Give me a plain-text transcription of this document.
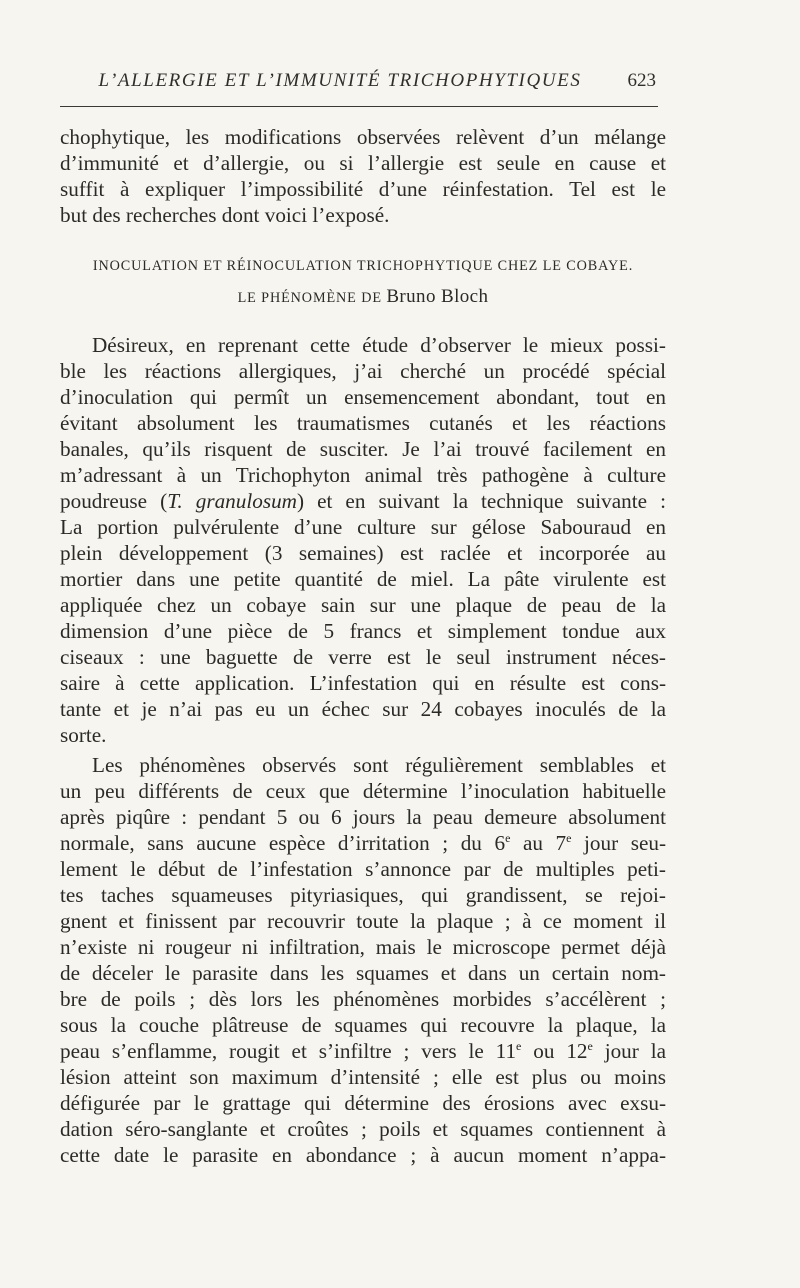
L’ALLERGIE ET L’IMMUNITÉ TRICHOPHYTIQUES	623
chophytique, les modifications observées relèvent d’un mélange
d’immunité et d’allergie, ou si l’allergie est seule en cause et
suffit à expliquer l’impossibilité d’une réinfestation. Tel est le
but des recherches dont voici l’exposé.
INOCULATION ET RÉINOCULATION TRICHOPHYTIQUE CHEZ LE COBAYE.
LE PHÉNOMÈNE DE Bruno Bloch
Désireux, en reprenant cette étude d’observer le mieux possi-
ble les réactions allergiques, j’ai cherché un procédé spécial
d’inoculation qui permît un ensemencement abondant, tout en
évitant absolument les traumatismes cutanés et les réactions
banales, qu’ils risquent de susciter. Je l’ai trouvé facilement en
m’adressant à un Trichophyton animal très pathogène à culture
poudreuse (T. granulosum) et en suivant la technique suivante :
La portion pulvérulente d’une culture sur gélose Sabouraud en
plein développement (3 semaines) est raclée et incorporée au
mortier dans une petite quantité de miel. La pâte virulente est
appliquée chez un cobaye sain sur une plaque de peau de la
dimension d’une pièce de 5 francs et simplement tondue aux
ciseaux : une baguette de verre est le seul instrument néces-
saire à cette application. L’infestation qui en résulte est cons-
tante et je n’ai pas eu un échec sur 24 cobayes inoculés de la
sorte.
Les phénomènes observés sont régulièrement semblables et
un peu différents de ceux que détermine l’inoculation habituelle
après piqûre : pendant 5 ou 6 jours la peau demeure absolument
normale, sans aucune espèce d’irritation ; du 6e au 7e jour seu-
lement le début de l’infestation s’annonce par de multiples peti-
tes taches squameuses pityriasiques, qui grandissent, se rejoi-
gnent et finissent par recouvrir toute la plaque ; à ce moment il
n’existe ni rougeur ni infiltration, mais le microscope permet déjà
de déceler le parasite dans les squames et dans un certain nom-
bre de poils ; dès lors les phénomènes morbides s’accélèrent ;
sous la couche plâtreuse de squames qui recouvre la plaque, la
peau s’enflamme, rougit et s’infiltre ; vers le 11e ou 12e jour la
lésion atteint son maximum d’intensité ; elle est plus ou moins
défigurée par le grattage qui détermine des érosions avec exsu-
dation séro-sanglante et croûtes ; poils et squames contiennent à
cette date le parasite en abondance ; à aucun moment n’appa-
